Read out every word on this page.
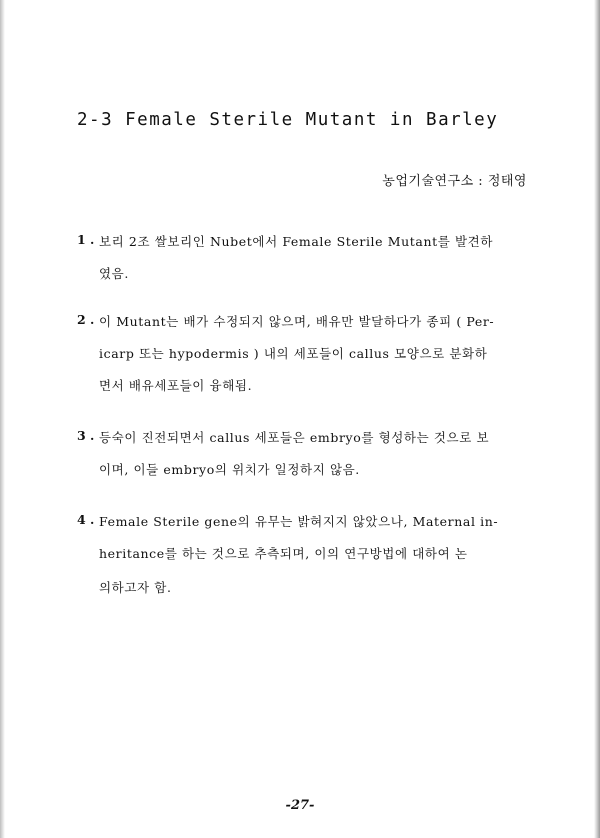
2-3 Female Sterile Mutant in Barley
농업기술연구소 : 정태영
1 . 보리 2조 쌀보리인 Nubet에서 Female Sterile Mutant를 발견하
였음.
2 . 이 Mutant는 배가 수정되지 않으며, 배유만 발달하다가 종피 ( Per-
icarp 또는 hypodermis ) 내의 세포들이 callus 모양으로 분화하
면서 배유세포들이 융해됨.
3 . 등숙이 진전되면서 callus 세포들은 embryo를 형성하는 것으로 보
이며, 이들 embryo의 위치가 일정하지 않음.
4 . Female Sterile gene의 유무는 밝혀지지 않았으나, Maternal in-
heritance를 하는 것으로 추측되며, 이의 연구방법에 대하여 논
의하고자 함.
-27-
